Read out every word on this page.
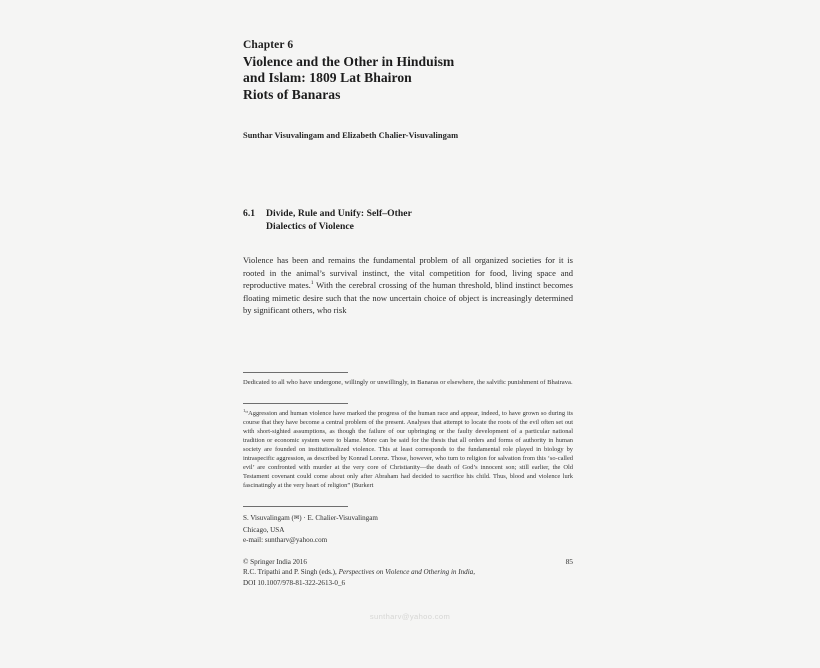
Chapter 6
Violence and the Other in Hinduism
and Islam: 1809 Lat Bhairon
Riots of Banaras
Sunthar Visuvalingam and Elizabeth Chalier-Visuvalingam
6.1 Divide, Rule and Unify: Self–Other
Dialectics of Violence

Violence has been and remains the fundamental problem of all organized societies for it is rooted in the animal’s survival instinct, the vital competition for food, living space and reproductive mates.$^1$ With the cerebral crossing of the human threshold, blind instinct becomes floating mimetic desire such that the now uncertain choice of object is increasingly determined by significant others, who risk

Dedicated to all who have undergone, willingly or unwillingly, in Banaras or elsewhere, the salvific punishment of Bhairava.
$^1$“Aggression and human violence have marked the progress of the human race and appear, indeed, to have grown so during its course that they have become a central problem of the present. Analyses that attempt to locate the roots of the evil often set out with short-sighted assumptions, as though the failure of our upbringing or the faulty development of a particular national tradition or economic system were to blame. More can be said for the thesis that all orders and forms of authority in human society are founded on institutionalized violence. This at least corresponds to the fundamental role played in biology by intraspecific aggression, as described by Konrad Lorenz. Those, however, who turn to religion for salvation from this ‘so-called evil’ are confronted with murder at the very core of Christianity—the death of God’s innocent son; still earlier, the Old Testament covenant could come about only after Abraham had decided to sacrifice his child. Thus, blood and violence lurk fascinatingly at the very heart of religion” (Burkert
S. Visuvalingam (✉) · E. Chalier-Visuvalingam
Chicago, USA
e-mail: suntharv@yahoo.com
© Springer India 2016
R.C. Tripathi and P. Singh (eds.), Perspectives on Violence and Othering in India,
DOI 10.1007/978-81-322-2613-0_6
85
suntharv@yahoo.com
